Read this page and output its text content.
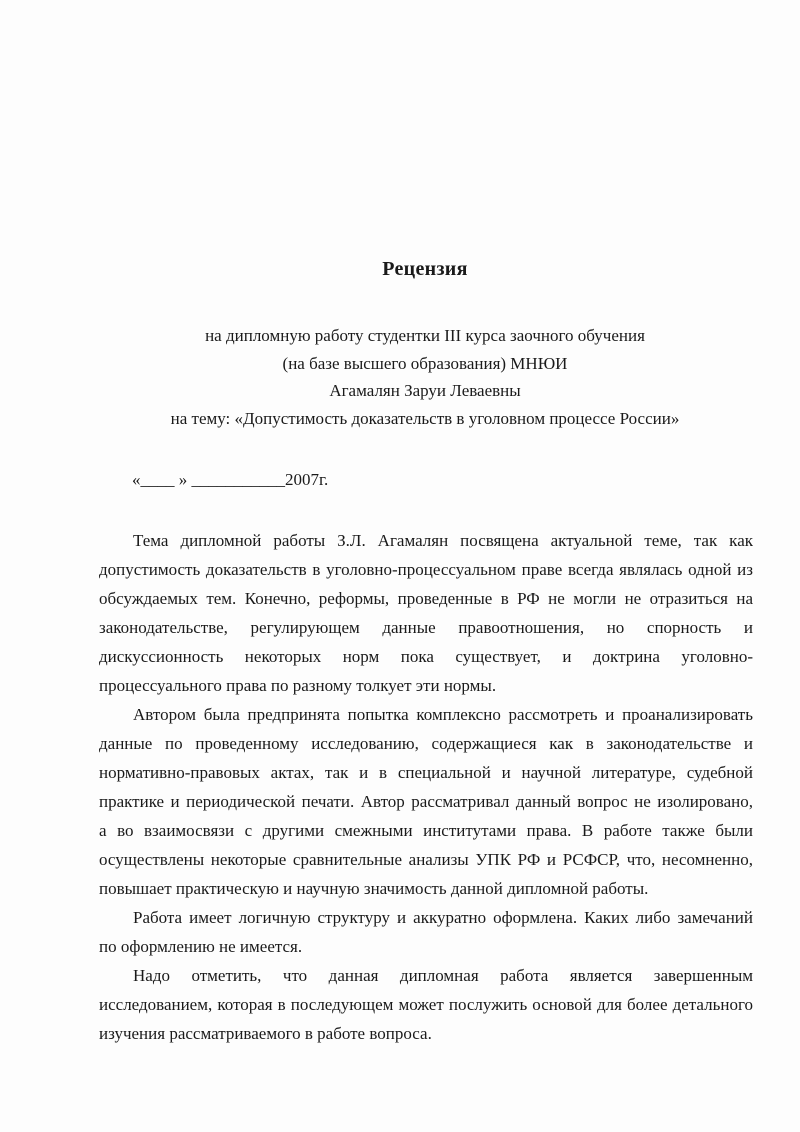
Рецензия
на дипломную работу студентки III курса заочного обучения
(на базе высшего образования) МНЮИ
Агамалян Заруи Леваевны
на тему: «Допустимость доказательств в уголовном процессе России»
«____ » ___________2007г.

Тема дипломной работы З.Л. Агамалян посвящена актуальной теме, так как
допустимость доказательств в уголовно-процессуальном праве всегда являлась одной из
обсуждаемых тем. Конечно, реформы, проведенные в РФ не могли не отразиться на
законодательстве, регулирующем данные правоотношения, но спорность и
дискуссионность некоторых норм пока существует, и доктрина уголовно-
процессуального права по разному толкует эти нормы.

Автором была предпринята попытка комплексно рассмотреть и проанализировать
данные по проведенному исследованию, содержащиеся как в законодательстве и
нормативно-правовых актах, так и в специальной и научной литературе, судебной
практике и периодической печати. Автор рассматривал данный вопрос не изолировано,
а во взаимосвязи с другими смежными институтами права. В работе также были
осуществлены некоторые сравнительные анализы УПК РФ и РСФСР, что, несомненно,
повышает практическую и научную значимость данной дипломной работы.

Работа имеет логичную структуру и аккуратно оформлена. Каких либо замечаний
по оформлению не имеется.

Надо отметить, что данная дипломная работа является завершенным
исследованием, которая в последующем может послужить основой для более детального
изучения рассматриваемого в работе вопроса.
